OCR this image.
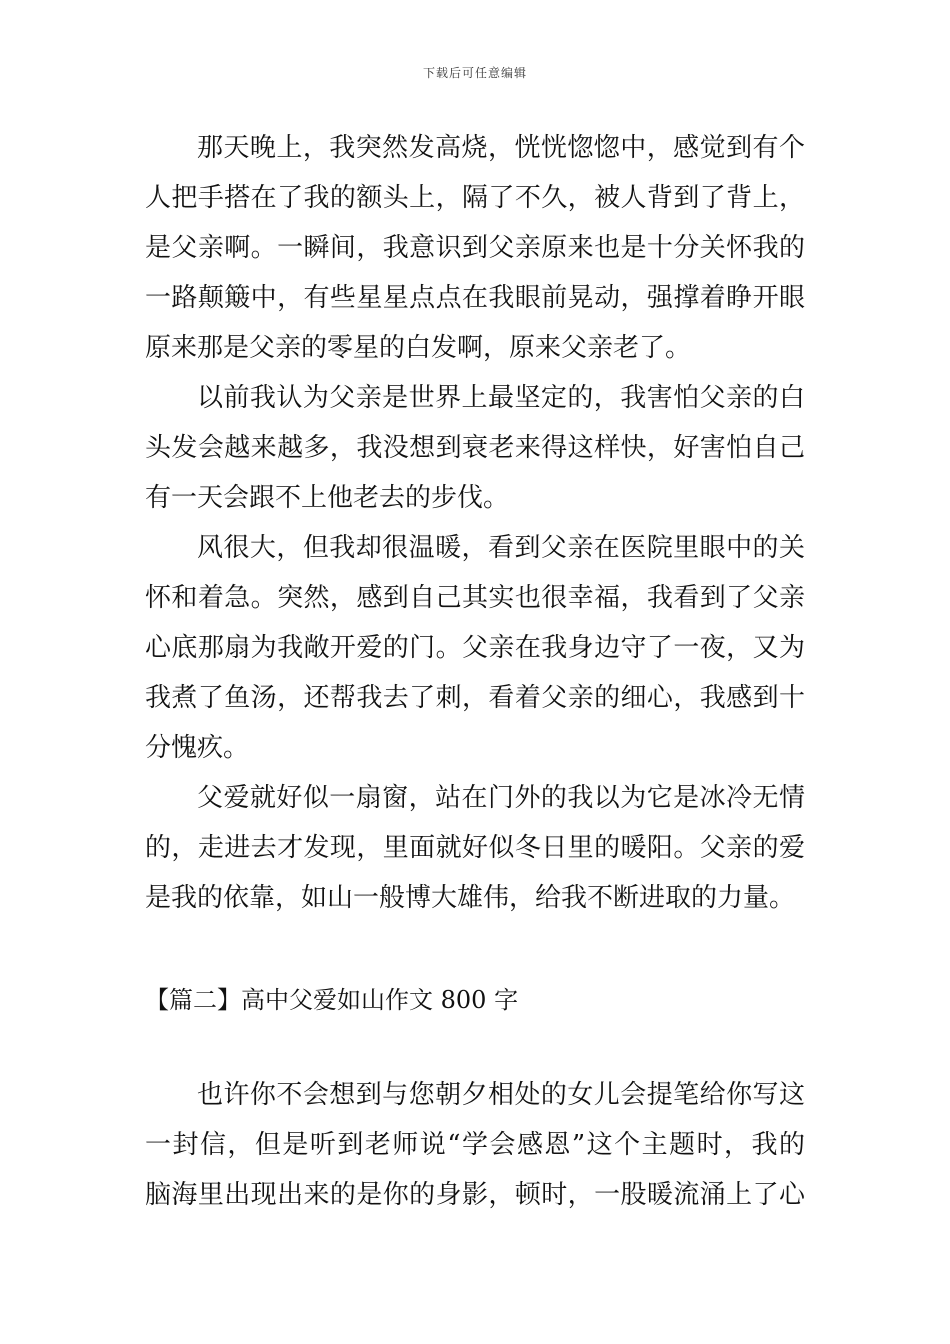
下载后可任意编辑
那天晚上，我突然发高烧，恍恍惚惚中，感觉到有个
人把手搭在了我的额头上，隔了不久，被人背到了背上，
是父亲啊。一瞬间，我意识到父亲原来也是十分关怀我的
一路颠簸中，有些星星点点在我眼前晃动，强撑着睁开眼
原来那是父亲的零星的白发啊，原来父亲老了。
以前我认为父亲是世界上最坚定的，我害怕父亲的白
头发会越来越多，我没想到衰老来得这样快，好害怕自己
有一天会跟不上他老去的步伐。
风很大，但我却很温暖，看到父亲在医院里眼中的关
怀和着急。突然，感到自己其实也很幸福，我看到了父亲
心底那扇为我敞开爱的门。父亲在我身边守了一夜，又为
我煮了鱼汤，还帮我去了刺，看着父亲的细心，我感到十
分愧疚。
父爱就好似一扇窗，站在门外的我以为它是冰冷无情
的，走进去才发现，里面就好似冬日里的暖阳。父亲的爱
是我的依靠，如山一般博大雄伟，给我不断进取的力量。
【篇二】高中父爱如山作文 800 字
也许你不会想到与您朝夕相处的女儿会提笔给你写这
一封信，但是听到老师说“学会感恩”这个主题时，我的
脑海里出现出来的是你的身影，顿时，一股暖流涌上了心
